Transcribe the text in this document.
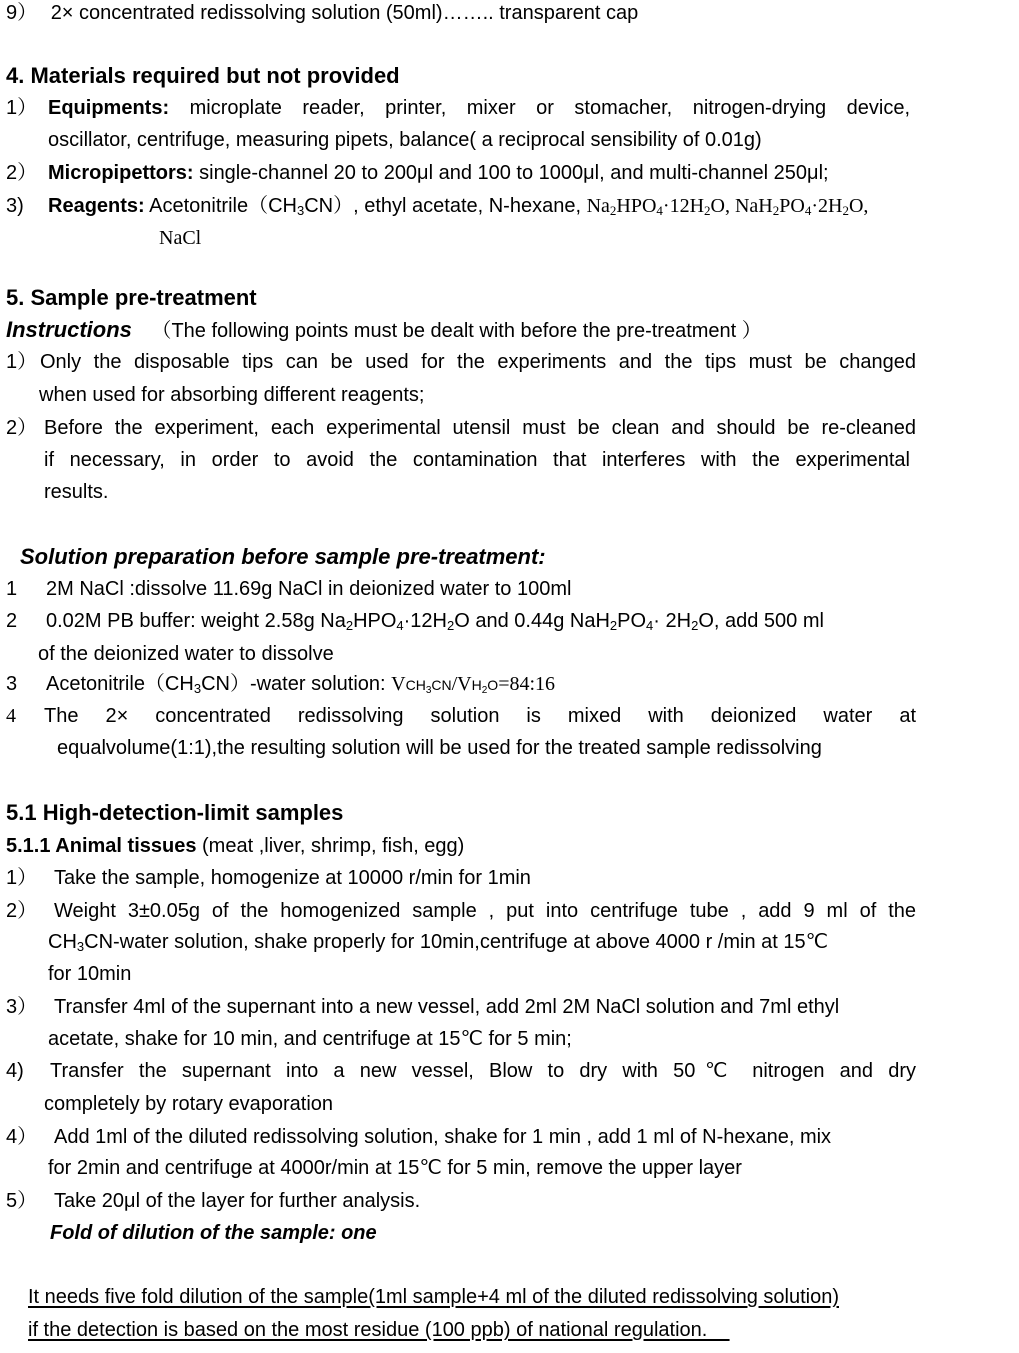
9） 2× concentrated redissolving solution (50ml)…….. transparent cap
4. Materials required but not provided
1） Equipments: microplate reader, printer, mixer or stomacher, nitrogen-drying device,
oscillator, centrifuge, measuring pipets, balance( a reciprocal sensibility of 0.01g)
2） Micropipettors: single-channel 20 to 200μl and 100 to 1000μl, and multi-channel 250μl;
3) Reagents: $Acetonitrile(CH_3CN)$, ethyl acetate, N-hexane, $Na_2HPO_4\cdot 12H_2O$, $NaH_2PO_4\cdot 2H_2O$,
NaCl
5. Sample pre-treatment
Instructions （The following points must be dealt with before the pre-treatment ）
1） Only the disposable tips can be used for the experiments and the tips must be changed
when used for absorbing different reagents;
2） Before the experiment, each experimental utensil must be clean and should be re-cleaned
if necessary, in order to avoid the contamination that interferes with the experimental
results.
Solution preparation before sample pre-treatment:
1 2M NaCl :dissolve 11.69g NaCl in deionized water to 100ml
2 0.02M PB buffer: weight 2.58g $Na_2HPO_4\cdot 12H_2O$ and 0.44g $NaH_2PO_4\cdot 2H_2O$, add 500 ml
of the deionized water to dissolve
3 $Acetonitrile(CH_3CN)$-water solution: $VCH_3CN/VH_2O=84:16$
4 The 2× concentrated redissolving solution is mixed with deionized water at
equalvolume(1:1),the resulting solution will be used for the treated sample redissolving
5.1 High-detection-limit samples
5.1.1 Animal tissues (meat ,liver, shrimp, fish, egg)
1） Take the sample, homogenize at 10000 r/min for 1min
2） Weight 3±0.05g of the homogenized sample , put into centrifuge tube , add 9 ml of the
$CH_3CN$-water solution, shake properly for 10min,centrifuge at above 4000 r /min at 15℃
for 10min
3） Transfer 4ml of the supernant into a new vessel, add 2ml 2M NaCl solution and 7ml ethyl
acetate, shake for 10 min, and centrifuge at 15℃ for 5 min;
4) Transfer the supernant into a new vessel, Blow to dry with 50℃ nitrogen and dry
completely by rotary evaporation
4） Add 1ml of the diluted redissolving solution, shake for 1 min , add 1 ml of N-hexane, mix
for 2min and centrifuge at 4000r/min at 15℃ for 5 min, remove the upper layer
5） Take 20μl of the layer for further analysis.
Fold of dilution of the sample: one
It needs five fold dilution of the sample(1ml sample+4 ml of the diluted redissolving solution)
if the detection is based on the most residue (100 ppb) of national regulation.
